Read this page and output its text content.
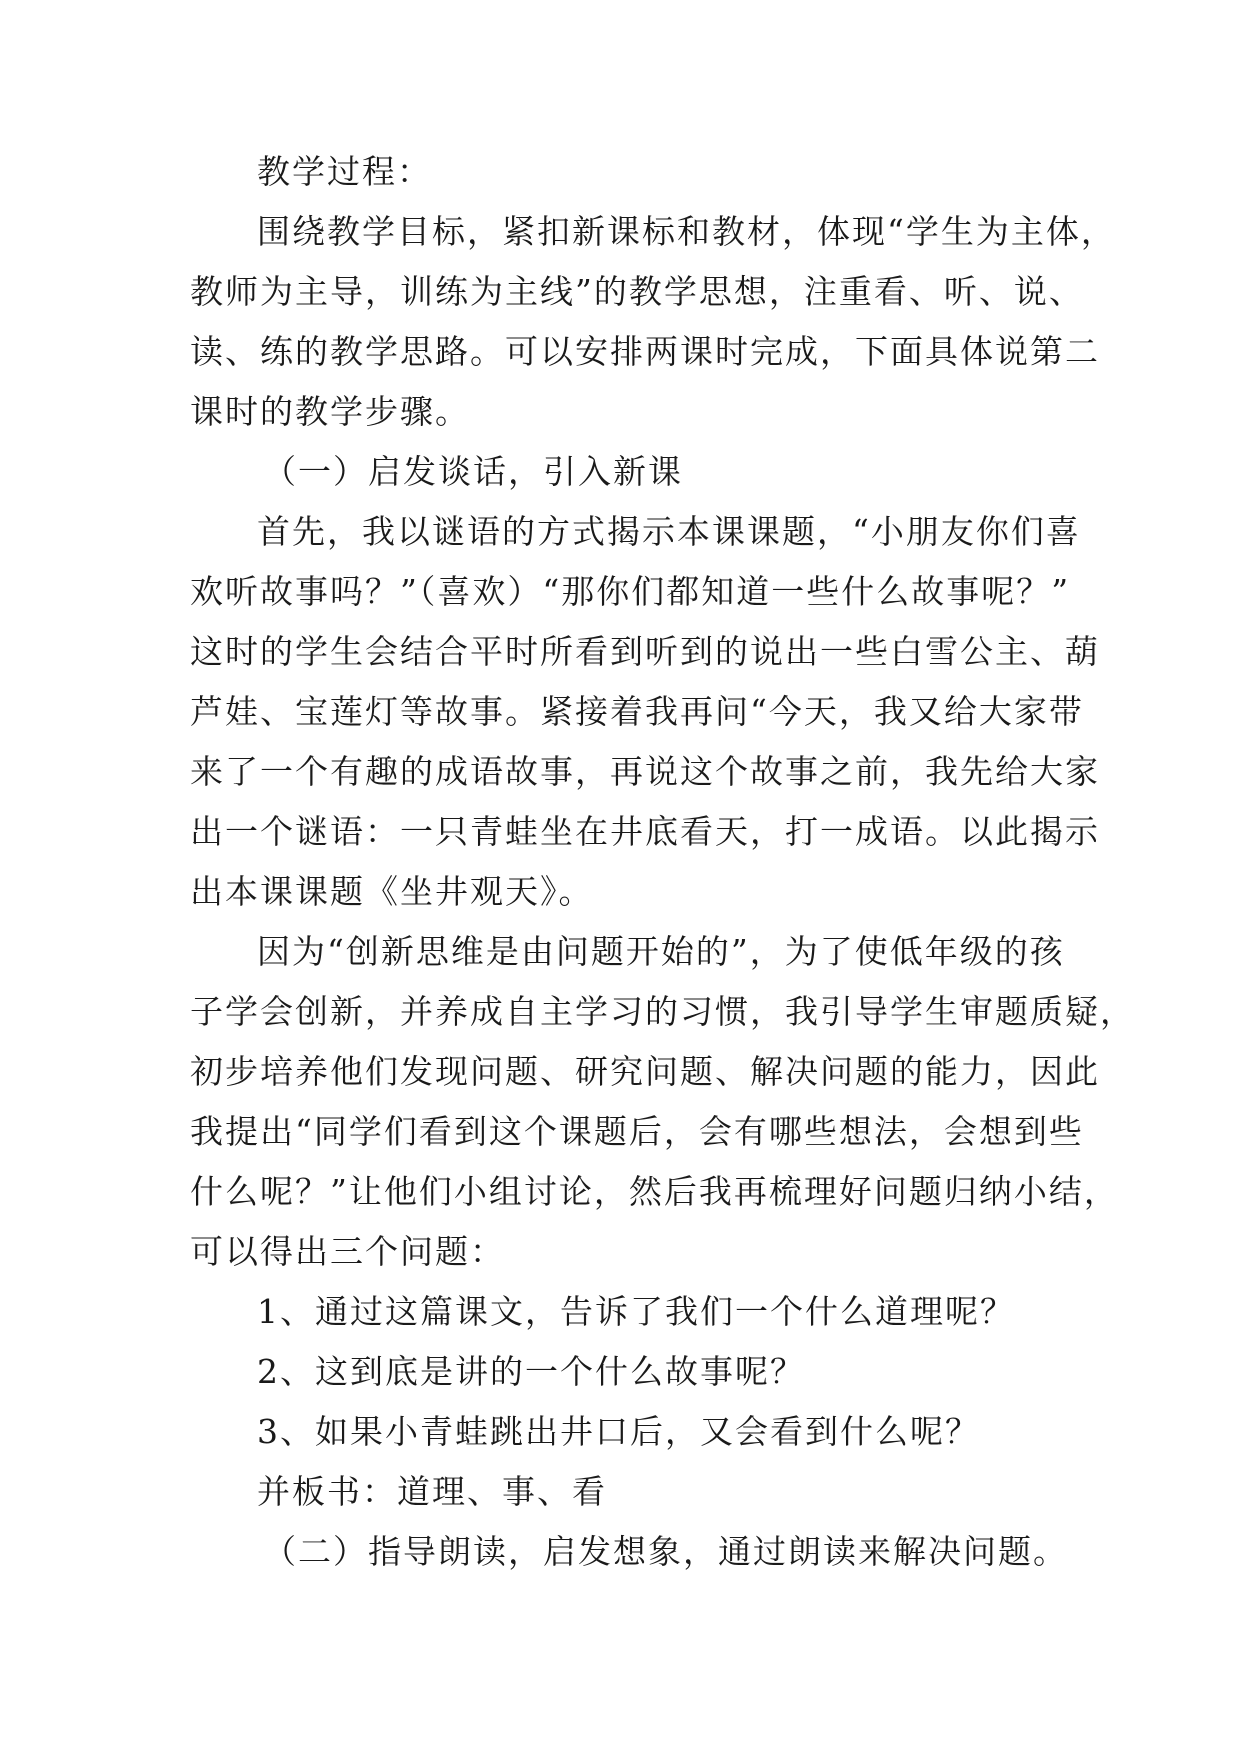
教学过程：
围绕教学目标，紧扣新课标和教材，体现“学生为主体，
教师为主导，训练为主线”的教学思想，注重看、听、说、
读、练的教学思路。可以安排两课时完成，下面具体说第二
课时的教学步骤。
（一）启发谈话，引入新课
首先，我以谜语的方式揭示本课课题，“小朋友你们喜
欢听故事吗？”（喜欢）“那你们都知道一些什么故事呢？”
这时的学生会结合平时所看到听到的说出一些白雪公主、葫
芦娃、宝莲灯等故事。紧接着我再问“今天，我又给大家带
来了一个有趣的成语故事，再说这个故事之前，我先给大家
出一个谜语：一只青蛙坐在井底看天，打一成语。以此揭示
出本课课题《坐井观天》。
因为“创新思维是由问题开始的”，为了使低年级的孩
子学会创新，并养成自主学习的习惯，我引导学生审题质疑，
初步培养他们发现问题、研究问题、解决问题的能力，因此
我提出“同学们看到这个课题后，会有哪些想法，会想到些
什么呢？”让他们小组讨论，然后我再梳理好问题归纳小结，
可以得出三个问题：
1、通过这篇课文，告诉了我们一个什么道理呢？
2、这到底是讲的一个什么故事呢？
3、如果小青蛙跳出井口后，又会看到什么呢？
并板书：道理、事、看
（二）指导朗读，启发想象，通过朗读来解决问题。
